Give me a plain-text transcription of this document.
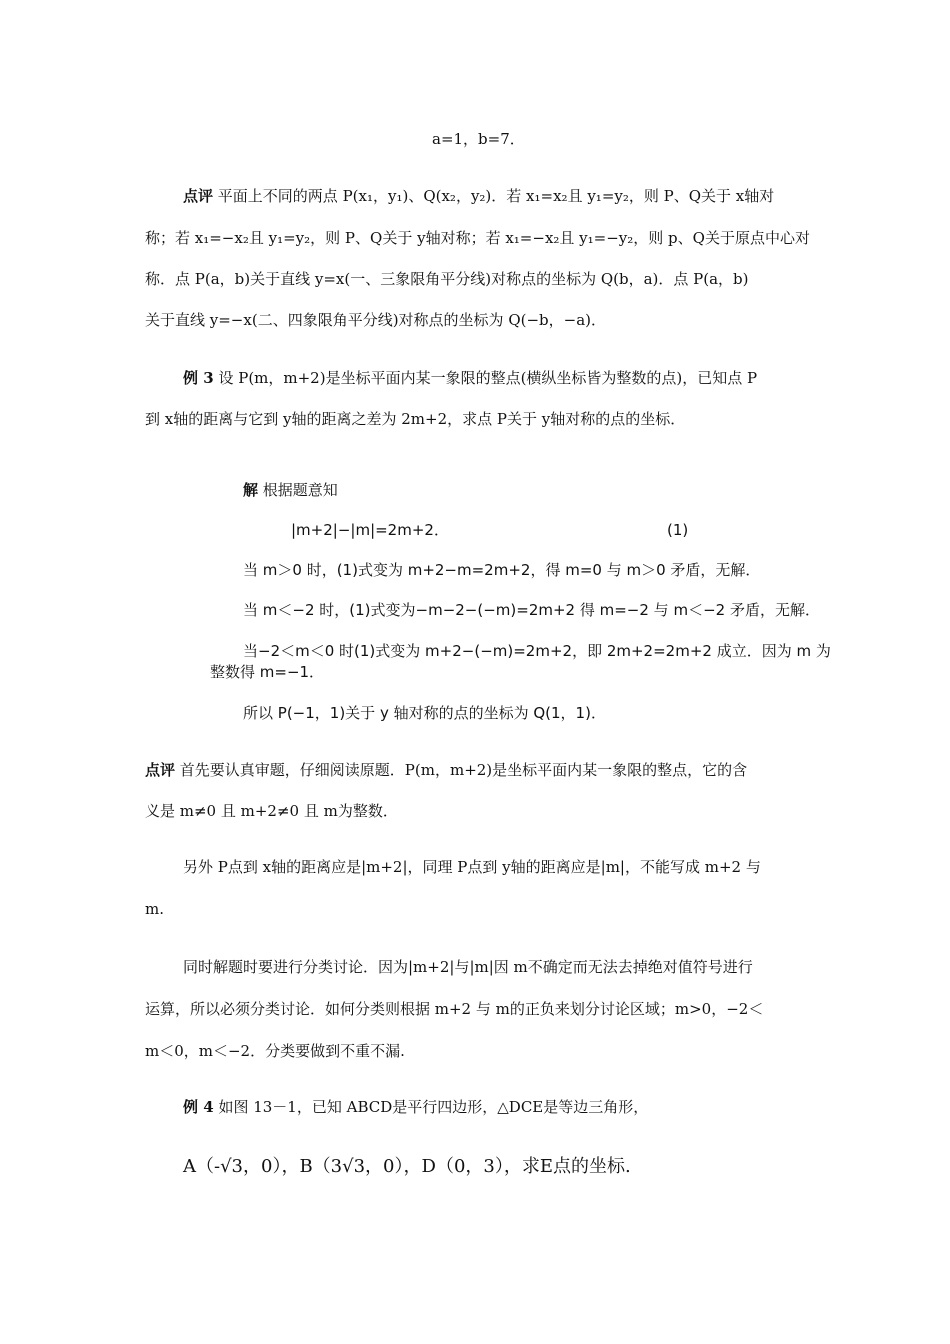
a=1，b=7．
点评 平面上不同的两点 P(x₁，y₁)、Q(x₂，y₂)．若 x₁=x₂且 y₁=y₂，则 P、Q关于 x轴对
称；若 x₁=−x₂且 y₁=y₂，则 P、Q关于 y轴对称；若 x₁=−x₂且 y₁=−y₂，则 p、Q关于原点中心对
称．点 P(a，b)关于直线 y=x(一、三象限角平分线)对称点的坐标为 Q(b，a)．点 P(a，b)
关于直线 y=−x(二、四象限角平分线)对称点的坐标为 Q(−b，−a)．
例 3 设 P(m，m+2)是坐标平面内某一象限的整点(横纵坐标皆为整数的点)，已知点 P
到 x轴的距离与它到 y轴的距离之差为 2m+2，求点 P关于 y轴对称的点的坐标．
解 根据题意知
|m+2|−|m|=2m+2．	(1)
当 m＞0 时，(1)式变为 m+2−m=2m+2，得 m=0 与 m＞0 矛盾，无解．
当 m＜−2 时，(1)式变为−m−2−(−m)=2m+2 得 m=−2 与 m＜−2 矛盾，无解．
当−2＜m＜0 时(1)式变为 m+2−(−m)=2m+2，即 2m+2=2m+2 成立．因为 m 为
整数得 m=−1．
所以 P(−1，1)关于 y 轴对称的点的坐标为 Q(1，1)．
点评 首先要认真审题，仔细阅读原题．P(m，m+2)是坐标平面内某一象限的整点，它的含
义是 m≠0 且 m+2≠0 且 m为整数．
另外 P点到 x轴的距离应是|m+2|，同理 P点到 y轴的距离应是|m|，不能写成 m+2 与
m.
同时解题时要进行分类讨论．因为|m+2|与|m|因 m不确定而无法去掉绝对值符号进行
运算，所以必须分类讨论．如何分类则根据 m+2 与 m的正负来划分讨论区域；m>0，−2＜
m＜0，m＜−2．分类要做到不重不漏.
例 4 如图 13－1，已知 ABCD是平行四边形，△DCE是等边三角形，
A（-√3，0），B（3√3，0），D（0，3），求E点的坐标.
